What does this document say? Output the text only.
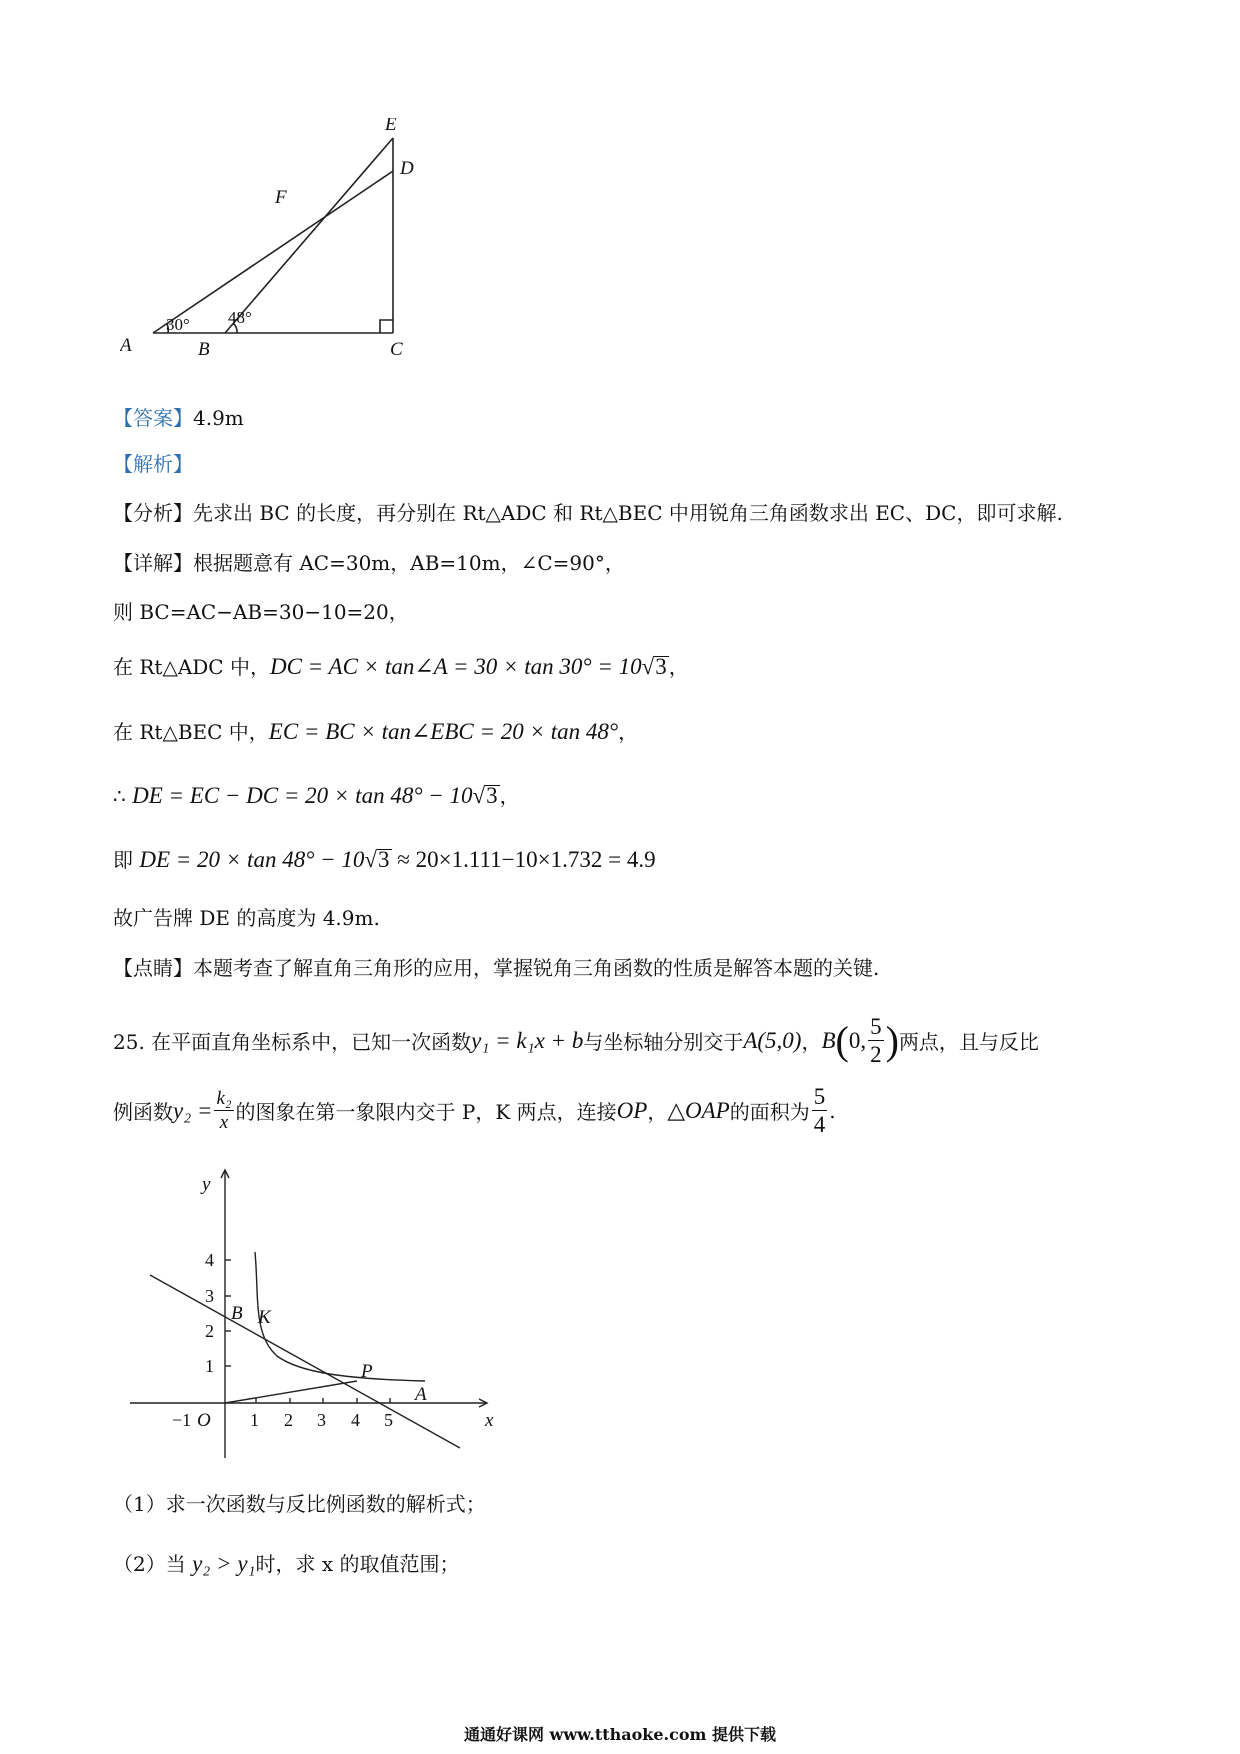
E
D
F
A	B	C
30° 48°
【答案】4.9m
【解析】
【分析】先求出 BC 的长度，再分别在 Rt△ADC 和 Rt△BEC 中用锐角三角函数求出 EC、DC，即可求解.
【详解】根据题意有 AC=30m，AB=10m，∠C=90°，
则 BC=AC−AB=30−10=20，
在 Rt△ADC 中，DC = AC × tan∠A = 30 × tan 30° = 10√3 ，
在 Rt△BEC 中，EC = BC × tan∠EBC = 20 × tan 48°，
∴ DE = EC − DC = 20 × tan 48° − 10√3 ，
即 DE = 20 × tan 48° − 10√3 ≈ 20×1.111−10×1.732 = 4.9
故广告牌 DE 的高度为 4.9m.
【点睛】本题考查了解直角三角形的应用，掌握锐角三角函数的性质是解答本题的关键.
25. 在平面直角坐标系中，已知一次函数 y₁ = k₁x + b 与坐标轴分别交于 A(5,0) ， B ( 0, $\frac{5}{2}$ ) 两点，且与反比
例函数 $y_2 = \frac{\text{k₂}}{x}$ 的图象在第一象限内交于 P，K 两点，连接 OP ， △OAP 的面积为 $\frac{5}{4}$ .
−1	1 2 3 4 5
1
2
3
4
O	x
y
B K
P
A
（1）求一次函数与反比例函数的解析式；
（2）当 y₂ > y₁时，求 x 的取值范围；
通通好课网 www.tthaoke.com 提供下载
